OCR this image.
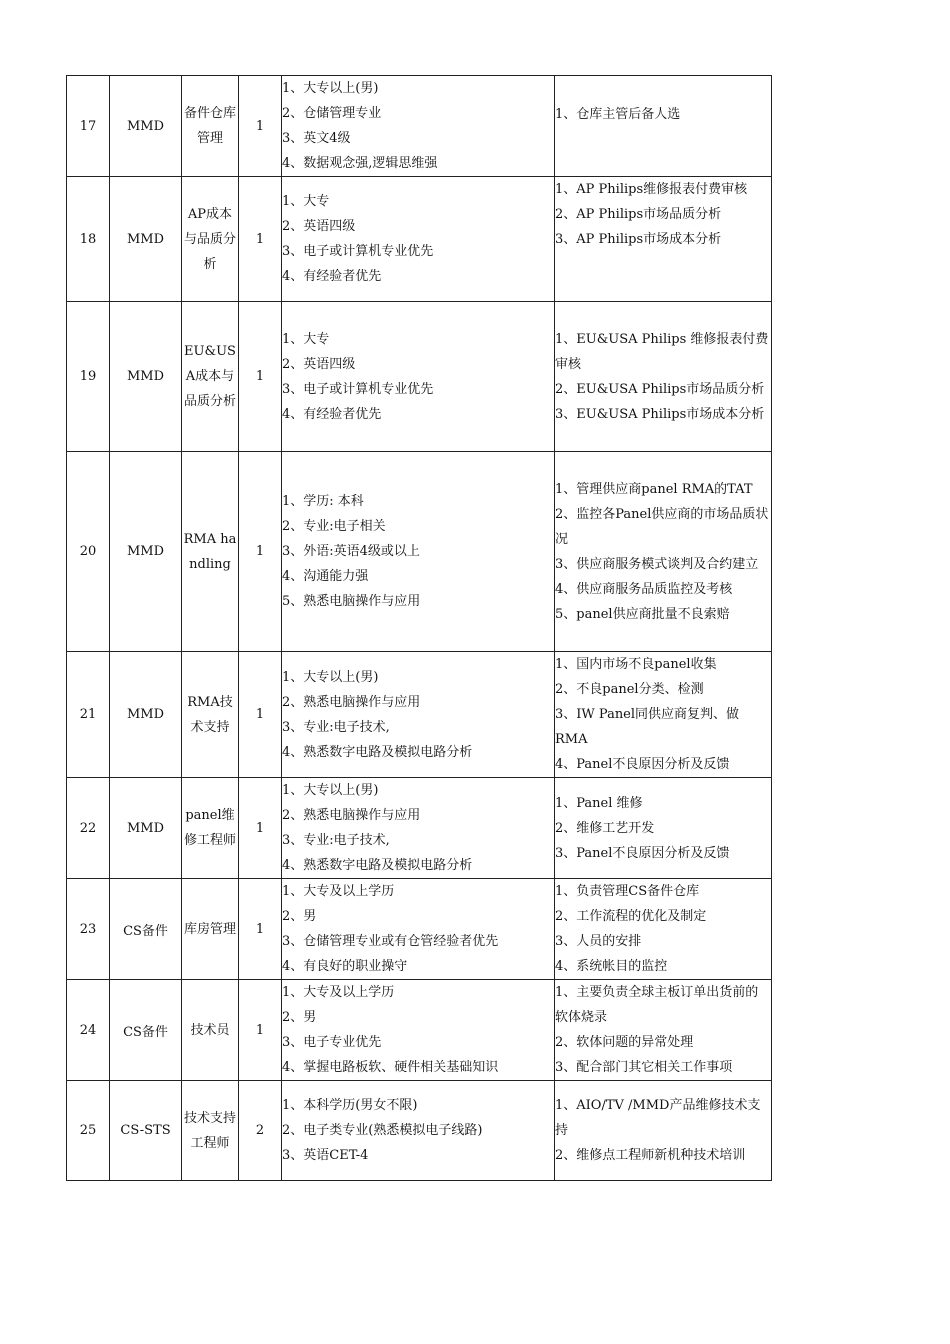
17	MMD	备件仓库管理	1	1、大专以上(男)
2、仓储管理专业
3、英文4级
4、数据观念强,逻辑思维强	1、仓库主管后备人选

18	MMD	AP成本与品质分析	1	1、大专
2、英语四级
3、电子或计算机专业优先
4、有经验者优先	1、AP Philips维修报表付费审核
2、AP Philips市场品质分析
3、AP Philips市场成本分析

19	MMD	EU&USA成本与品质分析	1	1、大专
2、英语四级
3、电子或计算机专业优先
4、有经验者优先	1、EU&USA Philips 维修报表付费审核
2、EU&USA Philips市场品质分析
3、EU&USA Philips市场成本分析

20	MMD	RMA handling	1	1、学历: 本科
2、专业:电子相关
3、外语:英语4级或以上
4、沟通能力强
5、熟悉电脑操作与应用	1、管理供应商panel RMA的TAT
2、监控各Panel供应商的市场品质状况
3、供应商服务模式谈判及合约建立
4、供应商服务品质监控及考核
5、panel供应商批量不良索赔

21	MMD	RMA技术支持	1	1、大专以上(男)
2、熟悉电脑操作与应用
3、专业:电子技术,
4、熟悉数字电路及模拟电路分析	1、国内市场不良panel收集
2、不良panel分类、检测
3、IW Panel同供应商复判、做RMA
4、Panel不良原因分析及反馈

22	MMD	panel维修工程师	1	1、大专以上(男)
2、熟悉电脑操作与应用
3、专业:电子技术,
4、熟悉数字电路及模拟电路分析	1、Panel 维修
2、维修工艺开发
3、Panel不良原因分析及反馈

23	CS备件	库房管理	1	1、大专及以上学历
2、男
3、仓储管理专业或有仓管经验者优先
4、有良好的职业操守	1、负责管理CS备件仓库
2、工作流程的优化及制定
3、人员的安排
4、系统帐目的监控

24	CS备件	技术员	1	1、大专及以上学历
2、男
3、电子专业优先
4、掌握电路板软、硬件相关基础知识	1、主要负责全球主板订单出货前的软体烧录
2、软体问题的异常处理
3、配合部门其它相关工作事项

25	CS-STS	技术支持工程师	2	1、本科学历(男女不限)
2、电子类专业(熟悉模拟电子线路)
3、英语CET-4	1、AIO/TV /MMD产品维修技术支持
2、维修点工程师新机种技术培训
